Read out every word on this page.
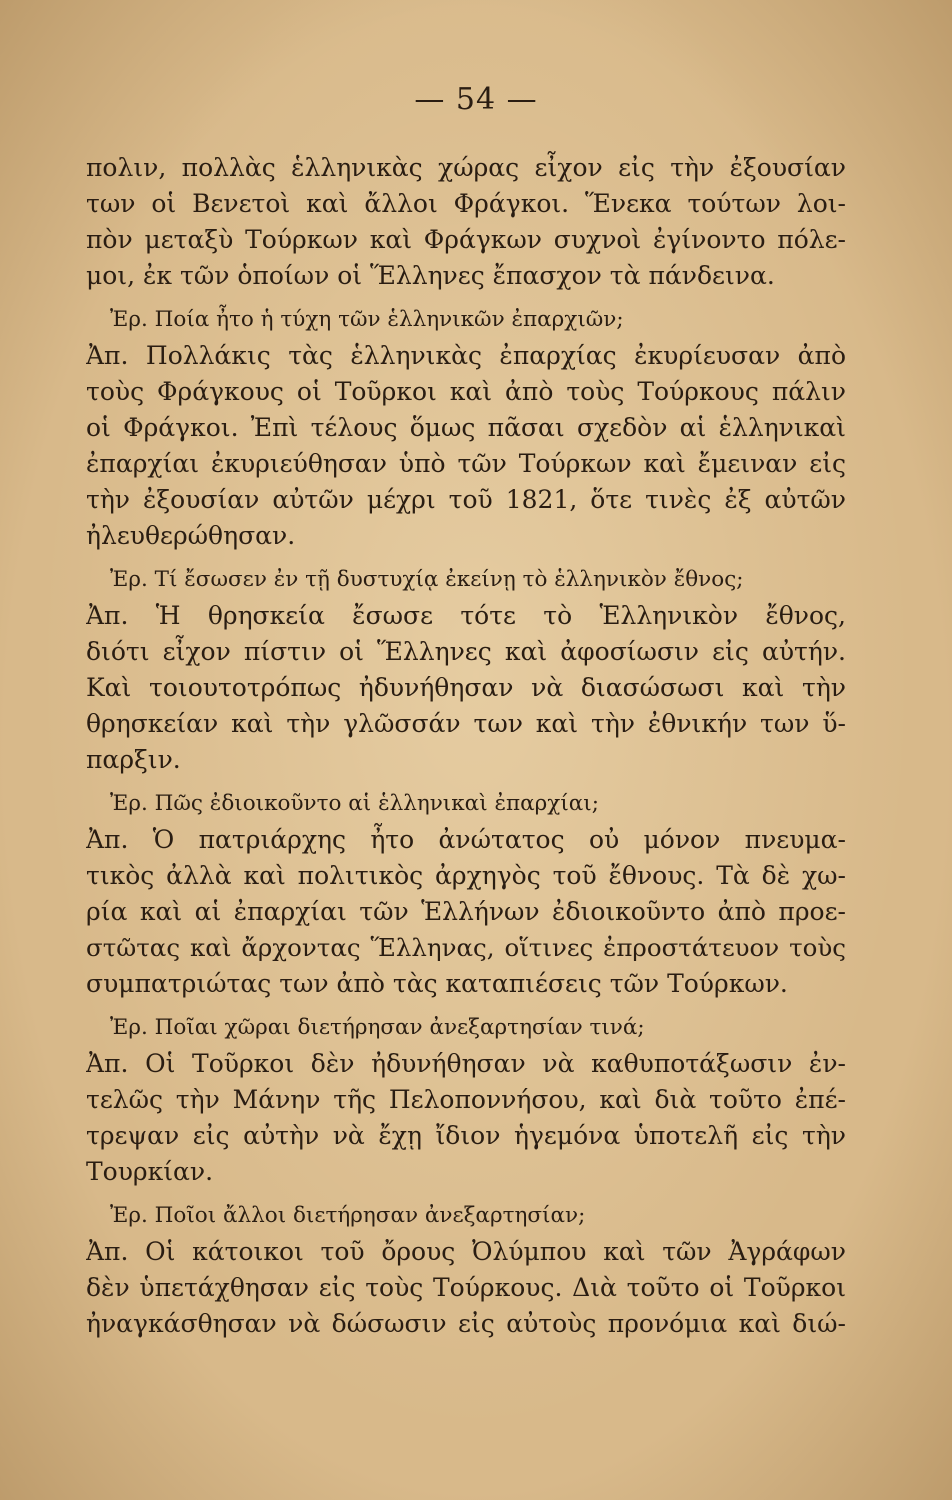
— 54 —
πολιν, πολλὰς ἑλληνικὰς χώρας εἶχον εἰς τὴν ἐξουσίαν
των οἱ Βενετοὶ καὶ ἄλλοι Φράγκοι. Ἕνεκα τούτων λοι-
πὸν μεταξὺ Τούρκων καὶ Φράγκων συχνοὶ ἐγίνοντο πόλε-
μοι, ἐκ τῶν ὁποίων οἱ Ἕλληνες ἔπασχον τὰ πάνδεινα.
Ἐρ. Ποία ἦτο ἡ τύχη τῶν ἑλληνικῶν ἐπαρχιῶν;
Ἀπ. Πολλάκις τὰς ἑλληνικὰς ἐπαρχίας ἐκυρίευσαν ἀπὸ
τοὺς Φράγκους οἱ Τοῦρκοι καὶ ἀπὸ τοὺς Τούρκους πάλιν
οἱ Φράγκοι. Ἐπὶ τέλους ὅμως πᾶσαι σχεδὸν αἱ ἑλληνικαὶ
ἐπαρχίαι ἐκυριεύθησαν ὑπὸ τῶν Τούρκων καὶ ἔμειναν εἰς
τὴν ἐξουσίαν αὐτῶν μέχρι τοῦ 1821, ὅτε τινὲς ἐξ αὐτῶν
ἠλευθερώθησαν.
Ἐρ. Τί ἔσωσεν ἐν τῇ δυστυχίᾳ ἐκείνῃ τὸ ἑλληνικὸν ἔθνος;
Ἀπ. Ἡ θρησκεία ἔσωσε τότε τὸ Ἑλληνικὸν ἔθνος,
διότι εἶχον πίστιν οἱ Ἕλληνες καὶ ἀφοσίωσιν εἰς αὐτήν.
Καὶ τοιουτοτρόπως ἠδυνήθησαν νὰ διασώσωσι καὶ τὴν
θρησκείαν καὶ τὴν γλῶσσάν των καὶ τὴν ἐθνικήν των ὕ-
παρξιν.
Ἐρ. Πῶς ἐδιοικοῦντο αἱ ἑλληνικαὶ ἐπαρχίαι;
Ἀπ. Ὁ πατριάρχης ἦτο ἀνώτατος οὐ μόνον πνευμα-
τικὸς ἀλλὰ καὶ πολιτικὸς ἀρχηγὸς τοῦ ἔθνους. Τὰ δὲ χω-
ρία καὶ αἱ ἐπαρχίαι τῶν Ἑλλήνων ἐδιοικοῦντο ἀπὸ προε-
στῶτας καὶ ἄρχοντας Ἕλληνας, οἵτινες ἐπροστάτευον τοὺς
συμπατριώτας των ἀπὸ τὰς καταπιέσεις τῶν Τούρκων.
Ἐρ. Ποῖαι χῶραι διετήρησαν ἀνεξαρτησίαν τινά;
Ἀπ. Οἱ Τοῦρκοι δὲν ἠδυνήθησαν νὰ καθυποτάξωσιν ἐν-
τελῶς τὴν Μάνην τῆς Πελοποννήσου, καὶ διὰ τοῦτο ἐπέ-
τρεψαν εἰς αὐτὴν νὰ ἔχῃ ἴδιον ἡγεμόνα ὑποτελῆ εἰς τὴν
Τουρκίαν.
Ἐρ. Ποῖοι ἄλλοι διετήρησαν ἀνεξαρτησίαν;
Ἀπ. Οἱ κάτοικοι τοῦ ὄρους Ὀλύμπου καὶ τῶν Ἀγράφων
δὲν ὑπετάχθησαν εἰς τοὺς Τούρκους. Διὰ τοῦτο οἱ Τοῦρκοι
ἠναγκάσθησαν νὰ δώσωσιν εἰς αὐτοὺς προνόμια καὶ διώ-
